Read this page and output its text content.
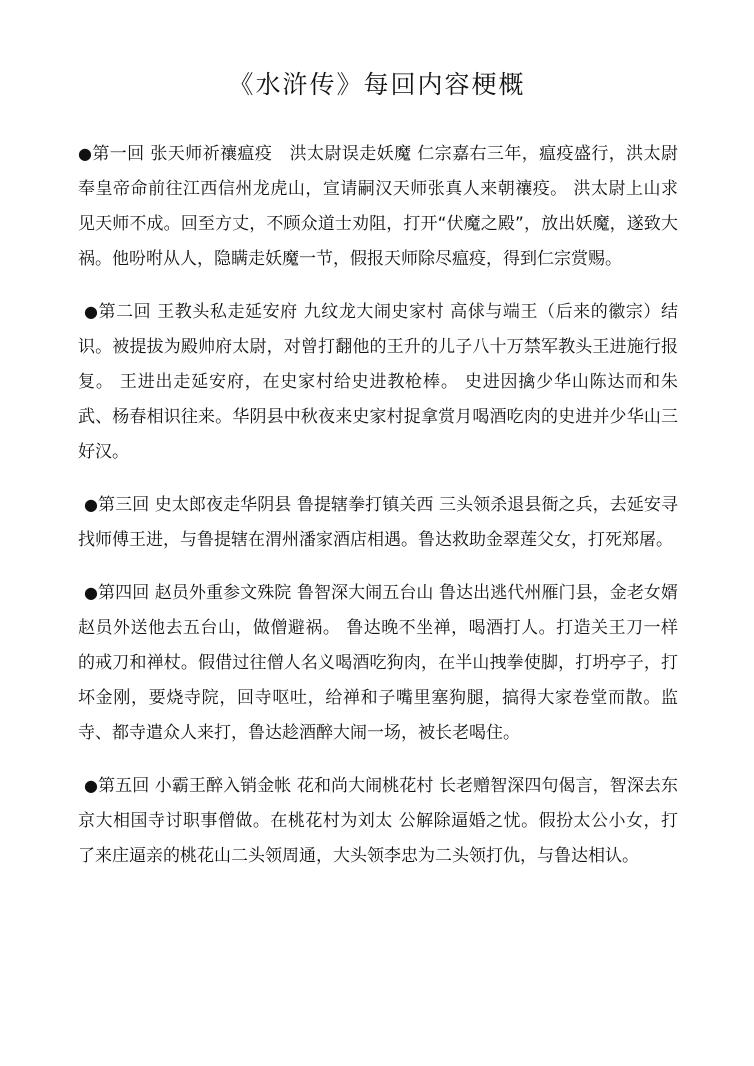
《水浒传》每回内容梗概

●第一回 张天师祈禳瘟疫　洪太尉误走妖魔 仁宗嘉右三年，瘟疫盛行，洪太尉奉皇帝命前往江西信州龙虎山，宣请嗣汉天师张真人来朝禳疫。 洪太尉上山求见天师不成。回至方丈，不顾众道士劝阻，打开“伏魔之殿”，放出妖魔，遂致大祸。他吩咐从人，隐瞒走妖魔一节，假报天师除尽瘟疫，得到仁宗赏赐。

●第二回 王教头私走延安府 九纹龙大闹史家村 高俅与端王（后来的徽宗）结识。被提拔为殿帅府太尉，对曾打翻他的王升的儿子八十万禁军教头王进施行报复。 王进出走延安府，在史家村给史进教枪棒。 史进因擒少华山陈达而和朱武、杨春相识往来。华阴县中秋夜来史家村捉拿赏月喝酒吃肉的史进并少华山三好汉。

●第三回 史太郎夜走华阴县 鲁提辖拳打镇关西 三头领杀退县衙之兵，去延安寻找师傅王进，与鲁提辖在渭州潘家酒店相遇。鲁达救助金翠莲父女，打死郑屠。

●第四回 赵员外重参文殊院 鲁智深大闹五台山 鲁达出逃代州雁门县，金老女婿赵员外送他去五台山，做僧避祸。 鲁达晚不坐禅，喝酒打人。打造关王刀一样的戒刀和禅杖。假借过往僧人名义喝酒吃狗肉，在半山拽拳使脚，打坍亭子，打坏金刚，要烧寺院，回寺呕吐，给禅和子嘴里塞狗腿，搞得大家卷堂而散。监寺、都寺遣众人来打，鲁达趁酒醉大闹一场，被长老喝住。

●第五回 小霸王醉入销金帐 花和尚大闹桃花村 长老赠智深四句偈言，智深去东京大相国寺讨职事僧做。在桃花村为刘太 公解除逼婚之忧。假扮太公小女，打了来庄逼亲的桃花山二头领周通，大头领李忠为二头领打仇，与鲁达相认。
